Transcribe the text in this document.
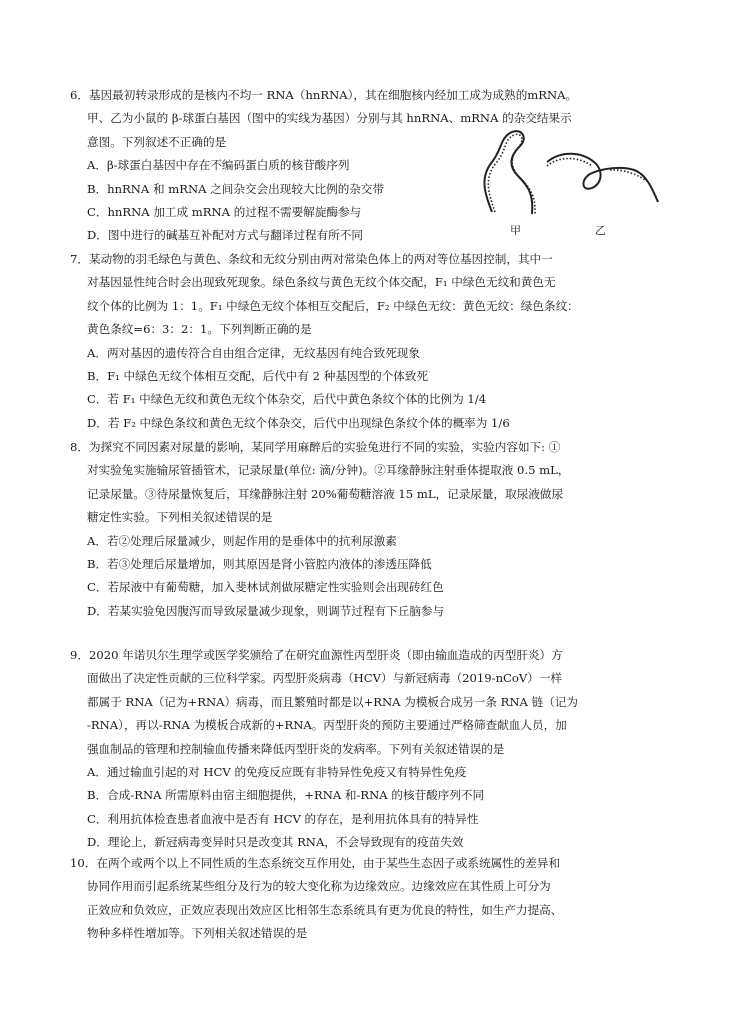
6．基因最初转录形成的是核内不均一 RNA（hnRNA），其在细胞核内经加工成为成熟的mRNA。
甲、乙为小鼠的 β-球蛋白基因（图中的实线为基因）分别与其 hnRNA、mRNA 的杂交结果示
意图。下列叙述不正确的是
A．β-球蛋白基因中存在不编码蛋白质的核苷酸序列
B．hnRNA 和 mRNA 之间杂交会出现较大比例的杂交带
C．hnRNA 加工成 mRNA 的过程不需要解旋酶参与
D．图中进行的碱基互补配对方式与翻译过程有所不同	甲	乙
7．某动物的羽毛绿色与黄色、条纹和无纹分别由两对常染色体上的两对等位基因控制，其中一
对基因显性纯合时会出现致死现象。绿色条纹与黄色无纹个体交配，F₁ 中绿色无纹和黄色无
纹个体的比例为 1：1。F₁ 中绿色无纹个体相互交配后，F₂ 中绿色无纹：黄色无纹：绿色条纹：
黄色条纹=6：3：2：1。下列判断正确的是
A．两对基因的遗传符合自由组合定律，无纹基因有纯合致死现象
B．F₁ 中绿色无纹个体相互交配，后代中有 2 种基因型的个体致死
C．若 F₁ 中绿色无纹和黄色无纹个体杂交，后代中黄色条纹个体的比例为 1/4
D．若 F₂ 中绿色条纹和黄色无纹个体杂交，后代中出现绿色条纹个体的概率为 1/6
8．为探究不同因素对尿量的影响，某同学用麻醉后的实验兔进行不同的实验，实验内容如下: ①
对实验兔实施输尿管插管术，记录尿量(单位: 滴/分钟)。②耳缘静脉注射垂体提取液 0.5 mL，
记录尿量。③待尿量恢复后，耳缘静脉注射 20%葡萄糖溶液 15 mL，记录尿量，取尿液做尿
糖定性实验。下列相关叙述错误的是
A．若②处理后尿量减少，则起作用的是垂体中的抗利尿激素
B．若③处理后尿量增加，则其原因是肾小管腔内液体的渗透压降低
C．若尿液中有葡萄糖，加入斐林试剂做尿糖定性实验则会出现砖红色
D．若某实验兔因腹泻而导致尿量减少现象，则调节过程有下丘脑参与
9．2020 年诺贝尔生理学或医学奖颁给了在研究血源性丙型肝炎（即由输血造成的丙型肝炎）方
面做出了决定性贡献的三位科学家。丙型肝炎病毒（HCV）与新冠病毒（2019-nCoV）一样
都属于 RNA（记为+RNA）病毒，而且繁殖时都是以+RNA 为模板合成另一条 RNA 链（记为
-RNA），再以-RNA 为模板合成新的+RNA。丙型肝炎的预防主要通过严格筛查献血人员，加
强血制品的管理和控制输血传播来降低丙型肝炎的发病率。下列有关叙述错误的是
A．通过输血引起的对 HCV 的免疫反应既有非特异性免疫又有特异性免疫
B．合成-RNA 所需原料由宿主细胞提供，+RNA 和-RNA 的核苷酸序列不同
C．利用抗体检查患者血液中是否有 HCV 的存在，是利用抗体具有的特异性
D．理论上，新冠病毒变异时只是改变其 RNA，不会导致现有的疫苗失效
10．在两个或两个以上不同性质的生态系统交互作用处，由于某些生态因子或系统属性的差异和
协同作用而引起系统某些组分及行为的较大变化称为边缘效应。边缘效应在其性质上可分为
正效应和负效应，正效应表现出效应区比相邻生态系统具有更为优良的特性，如生产力提高、
物种多样性增加等。下列相关叙述错误的是
